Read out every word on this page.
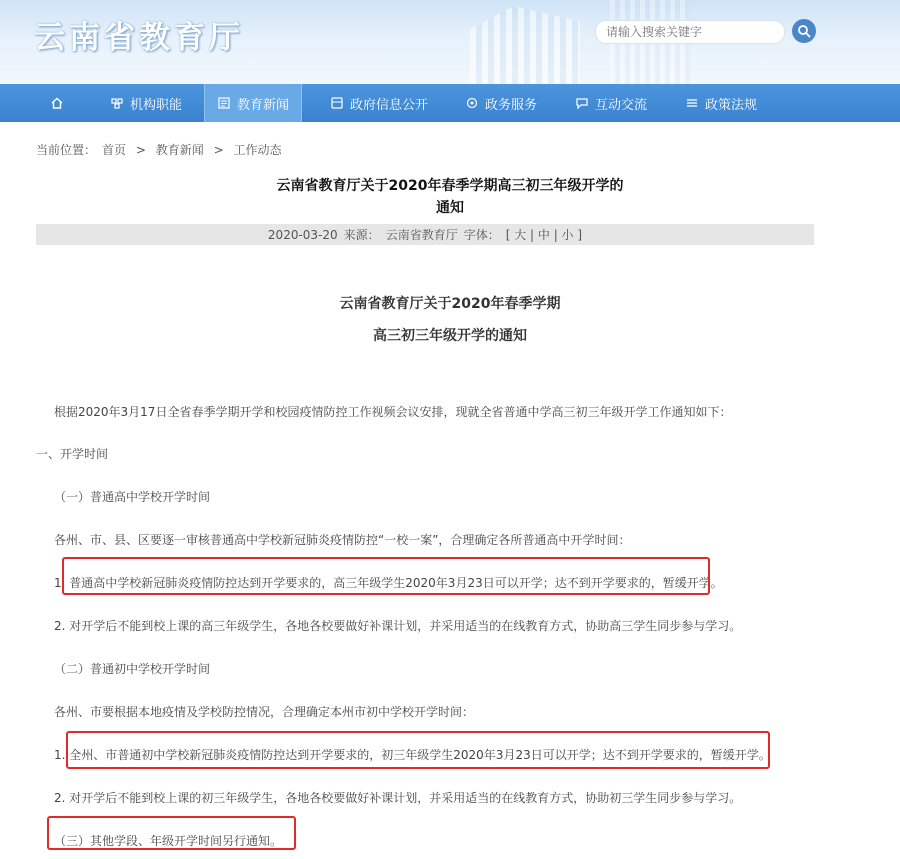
云南省教育厅
请输入搜索关键字
机构职能	教育新闻	政府信息公开	政务服务	互动交流	政策法规
当前位置： 首页 > 教育新闻 > 工作动态
云南省教育厅关于2020年春季学期高三初三年级开学的
通知
2020-03-20 来源： 云南省教育厅 字体： [ 大 | 中 | 小 ]
云南省教育厅关于2020年春季学期
高三初三年级开学的通知
根据2020年3月17日全省春季学期开学和校园疫情防控工作视频会议安排，现就全省普通中学高三初三年级开学工作通知如下：
一、开学时间
（一）普通高中学校开学时间
各州、市、县、区要逐一审核普通高中学校新冠肺炎疫情防控“一校一案”，合理确定各所普通高中开学时间：
1. 普通高中学校新冠肺炎疫情防控达到开学要求的，高三年级学生2020年3月23日可以开学；达不到开学要求的，暂缓开学。
2. 对开学后不能到校上课的高三年级学生，各地各校要做好补课计划，并采用适当的在线教育方式，协助高三学生同步参与学习。
（二）普通初中学校开学时间
各州、市要根据本地疫情及学校防控情况，合理确定本州市初中学校开学时间：
1. 全州、市普通初中学校新冠肺炎疫情防控达到开学要求的，初三年级学生2020年3月23日可以开学；达不到开学要求的，暂缓开学。
2. 对开学后不能到校上课的初三年级学生，各地各校要做好补课计划，并采用适当的在线教育方式，协助初三学生同步参与学习。
（三）其他学段、年级开学时间另行通知。
